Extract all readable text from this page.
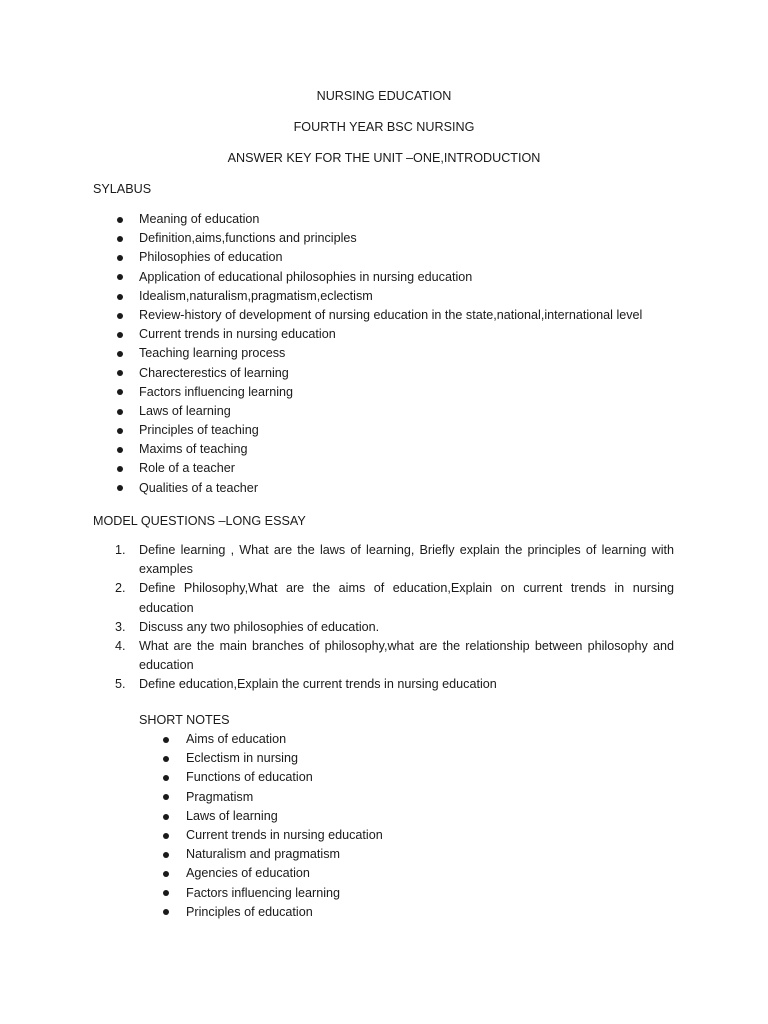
NURSING EDUCATION
FOURTH YEAR BSC NURSING
ANSWER KEY FOR THE UNIT –ONE,INTRODUCTION
SYLABUS
Meaning of education
Definition,aims,functions and principles
Philosophies of education
Application of educational philosophies in nursing education
Idealism,naturalism,pragmatism,eclectism
Review-history of development of nursing education in the state,national,international level
Current trends in nursing education
Teaching learning process
Charecterestics of learning
Factors influencing learning
Laws of learning
Principles of teaching
Maxims of teaching
Role of a teacher
Qualities of a teacher
MODEL QUESTIONS –LONG ESSAY
1. Define learning , What are the laws of learning, Briefly explain the principles of learning with examples
2. Define Philosophy,What are the aims of education,Explain on current trends in nursing education
3. Discuss any two philosophies of education.
4. What are the main branches of philosophy,what are the relationship between philosophy and education
5. Define education,Explain the current trends in nursing education
SHORT NOTES
Aims of education
Eclectism in nursing
Functions of education
Pragmatism
Laws of learning
Current trends in nursing education
Naturalism and pragmatism
Agencies of education
Factors influencing learning
Principles of education
